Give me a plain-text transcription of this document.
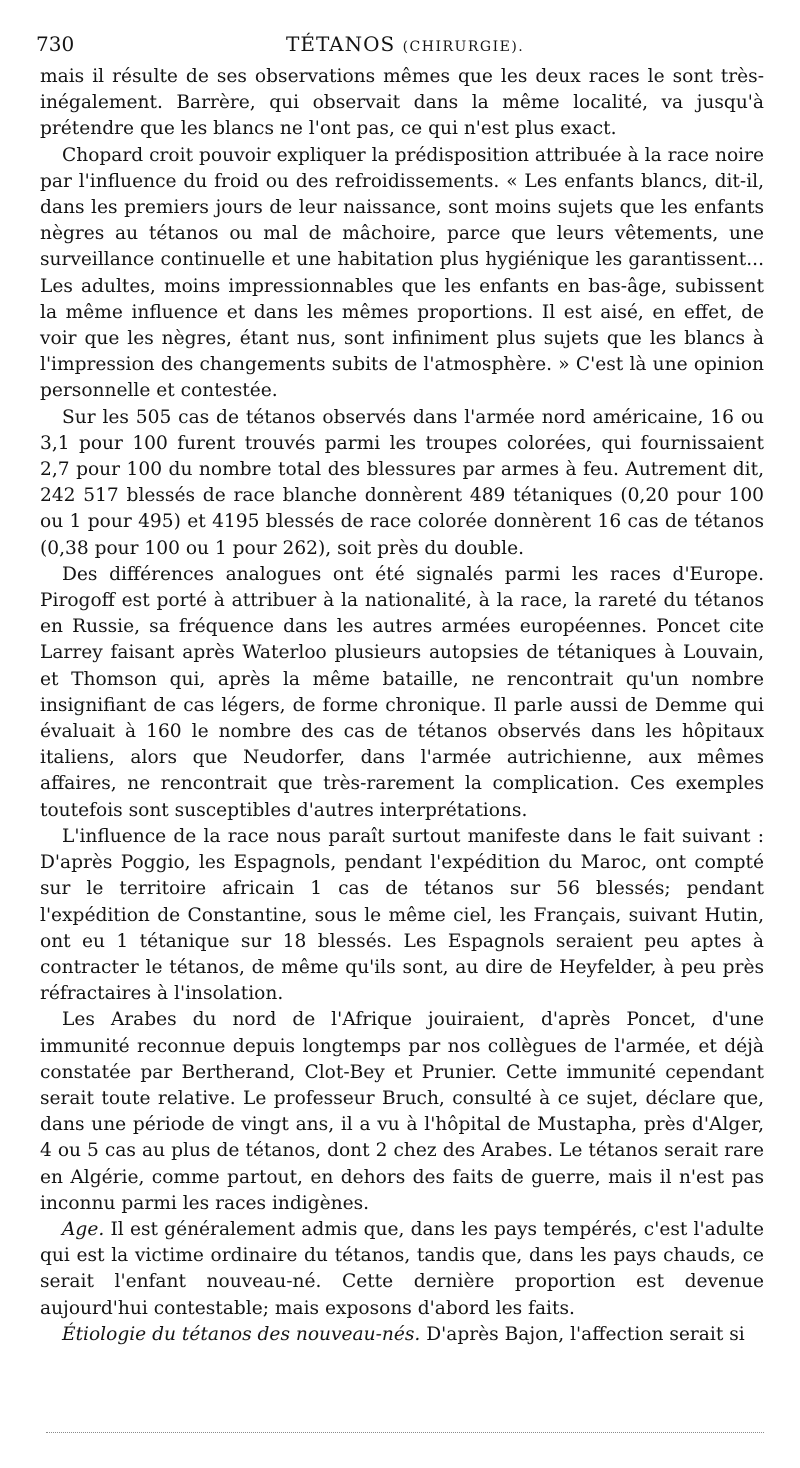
730	TÉTANOS (CHIRURGIE).

mais il résulte de ses observations mêmes que les deux races le sont très-inégalement. Barrère, qui observait dans la même localité, va jusqu'à prétendre que les blancs ne l'ont pas, ce qui n'est plus exact.

Chopard croit pouvoir expliquer la prédisposition attribuée à la race noire par l'influence du froid ou des refroidissements. « Les enfants blancs, dit-il, dans les premiers jours de leur naissance, sont moins sujets que les enfants nègres au tétanos ou mal de mâchoire, parce que leurs vêtements, une surveillance continuelle et une habitation plus hygiénique les garantissent... Les adultes, moins impressionnables que les enfants en bas-âge, subissent la même influence et dans les mêmes proportions. Il est aisé, en effet, de voir que les nègres, étant nus, sont infiniment plus sujets que les blancs à l'impression des changements subits de l'atmosphère. » C'est là une opinion personnelle et contestée.

Sur les 505 cas de tétanos observés dans l'armée nord américaine, 16 ou 3,1 pour 100 furent trouvés parmi les troupes colorées, qui fournissaient 2,7 pour 100 du nombre total des blessures par armes à feu. Autrement dit, 242 517 blessés de race blanche donnèrent 489 tétaniques (0,20 pour 100 ou 1 pour 495) et 4195 blessés de race colorée donnèrent 16 cas de tétanos (0,38 pour 100 ou 1 pour 262), soit près du double.

Des différences analogues ont été signalés parmi les races d'Europe. Pirogoff est porté à attribuer à la nationalité, à la race, la rareté du tétanos en Russie, sa fréquence dans les autres armées européennes. Poncet cite Larrey faisant après Waterloo plusieurs autopsies de tétaniques à Louvain, et Thomson qui, après la même bataille, ne rencontrait qu'un nombre insignifiant de cas légers, de forme chronique. Il parle aussi de Demme qui évaluait à 160 le nombre des cas de tétanos observés dans les hôpitaux italiens, alors que Neudorfer, dans l'armée autrichienne, aux mêmes affaires, ne rencontrait que très-rarement la complication. Ces exemples toutefois sont susceptibles d'autres interprétations.

L'influence de la race nous paraît surtout manifeste dans le fait suivant : D'après Poggio, les Espagnols, pendant l'expédition du Maroc, ont compté sur le territoire africain 1 cas de tétanos sur 56 blessés; pendant l'expédition de Constantine, sous le même ciel, les Français, suivant Hutin, ont eu 1 tétanique sur 18 blessés. Les Espagnols seraient peu aptes à contracter le tétanos, de même qu'ils sont, au dire de Heyfelder, à peu près réfractaires à l'insolation.

Les Arabes du nord de l'Afrique jouiraient, d'après Poncet, d'une immunité reconnue depuis longtemps par nos collègues de l'armée, et déjà constatée par Bertherand, Clot-Bey et Prunier. Cette immunité cependant serait toute relative. Le professeur Bruch, consulté à ce sujet, déclare que, dans une période de vingt ans, il a vu à l'hôpital de Mustapha, près d'Alger, 4 ou 5 cas au plus de tétanos, dont 2 chez des Arabes. Le tétanos serait rare en Algérie, comme partout, en dehors des faits de guerre, mais il n'est pas inconnu parmi les races indigènes.

Age. Il est généralement admis que, dans les pays tempérés, c'est l'adulte qui est la victime ordinaire du tétanos, tandis que, dans les pays chauds, ce serait l'enfant nouveau-né. Cette dernière proportion est devenue aujourd'hui contestable; mais exposons d'abord les faits.

Étiologie du tétanos des nouveau-nés. D'après Bajon, l'affection serait si
